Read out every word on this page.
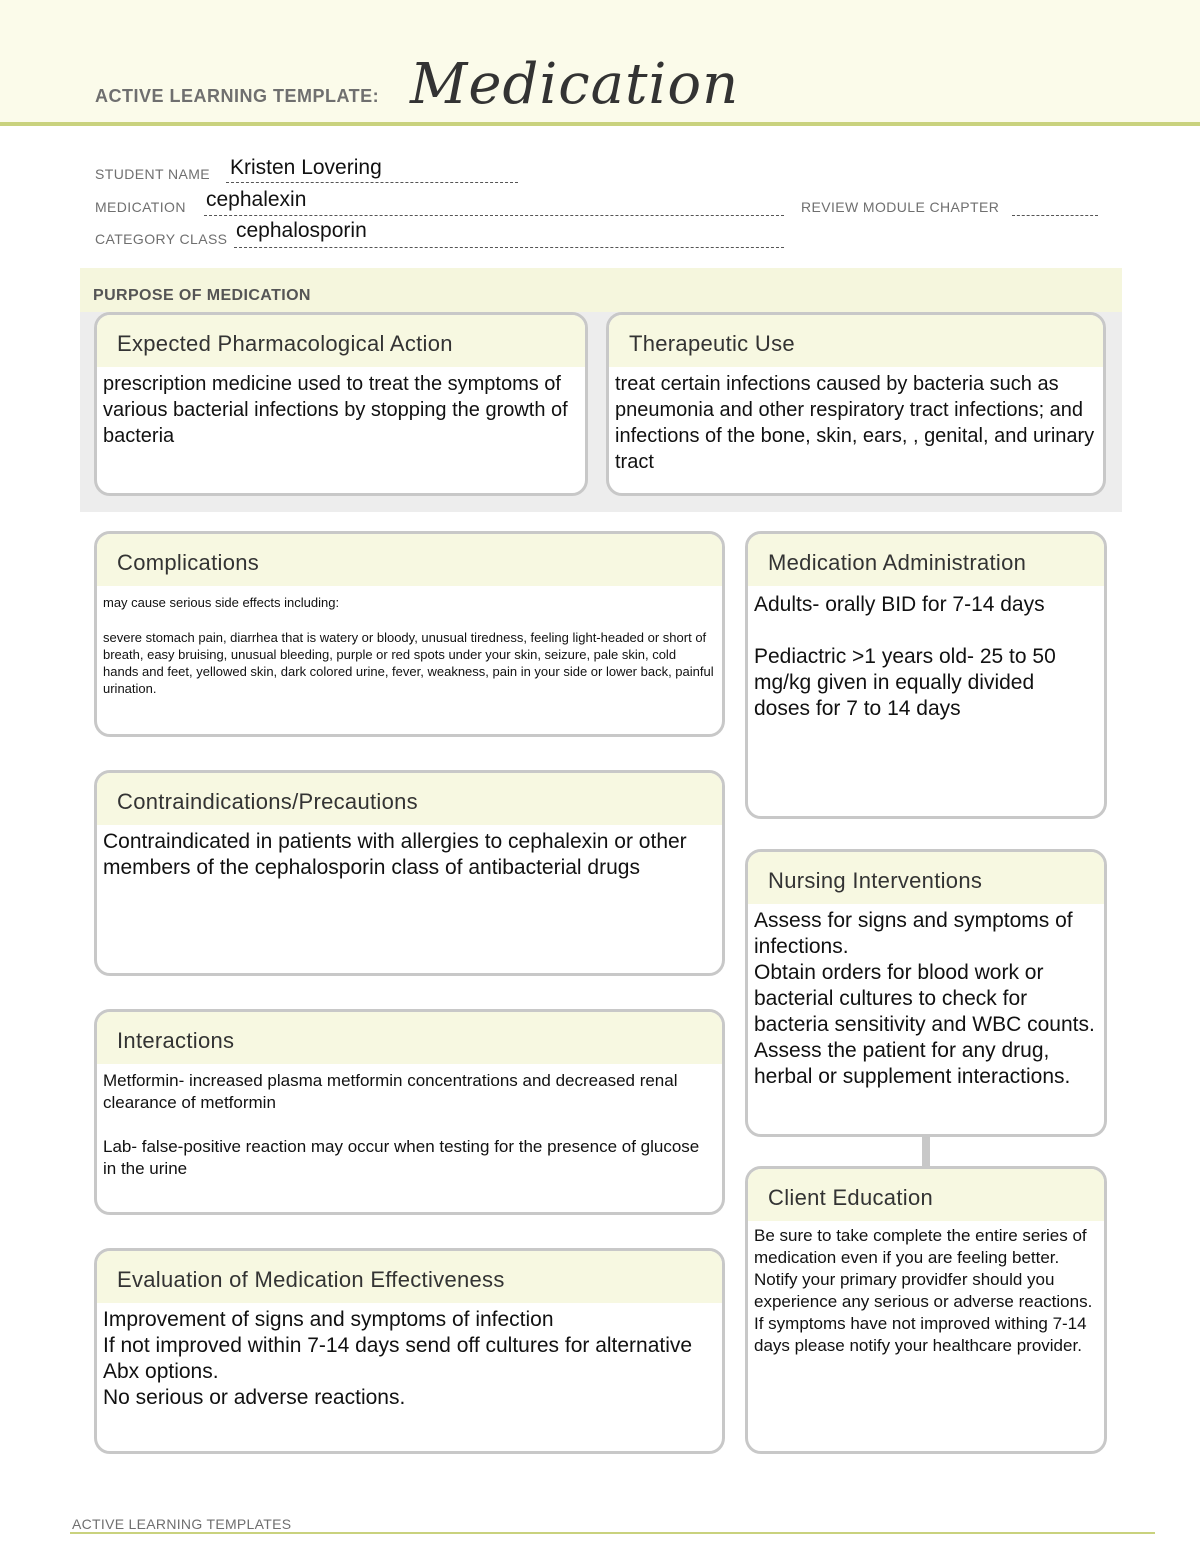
ACTIVE LEARNING TEMPLATE: Medication
STUDENT NAME Kristen Lovering
MEDICATION cephalexin	REVIEW MODULE CHAPTER
CATEGORY CLASS cephalosporin
PURPOSE OF MEDICATION
Expected Pharmacological Action
prescription medicine used to treat the symptoms of various bacterial infections by stopping the growth of bacteria
Therapeutic Use
treat certain infections caused by bacteria such as pneumonia and other respiratory tract infections; and infections of the bone, skin, ears, , genital, and urinary tract
Complications
may cause serious side effects including:
severe stomach pain, diarrhea that is watery or bloody, unusual tiredness, feeling light-headed or short of breath, easy bruising, unusual bleeding, purple or red spots under your skin, seizure, pale skin, cold hands and feet, yellowed skin, dark colored urine, fever, weakness, pain in your side or lower back, painful urination.
Medication Administration
Adults- orally BID for 7-14 days
Pediactric >1 years old- 25 to 50 mg/kg given in equally divided doses for 7 to 14 days
Contraindications/Precautions
Contraindicated in patients with allergies to cephalexin or other members of the cephalosporin class of antibacterial drugs
Nursing Interventions
Assess for signs and symptoms of infections.
Obtain orders for blood work or bacterial cultures to check for bacteria sensitivity and WBC counts. Assess the patient for any drug, herbal or supplement interactions.
Interactions
Metformin- increased plasma metformin concentrations and decreased renal clearance of metformin
Lab- false-positive reaction may occur when testing for the presence of glucose in the urine
Client Education
Be sure to take complete the entire series of medication even if you are feeling better. Notify your primary providfer should you experience any serious or adverse reactions. If symptoms have not improved withing 7-14 days please notify your healthcare provider.
Evaluation of Medication Effectiveness
Improvement of signs and symptoms of infection
If not improved within 7-14 days send off cultures for alternative Abx options.
No serious or adverse reactions.
ACTIVE LEARNING TEMPLATES
